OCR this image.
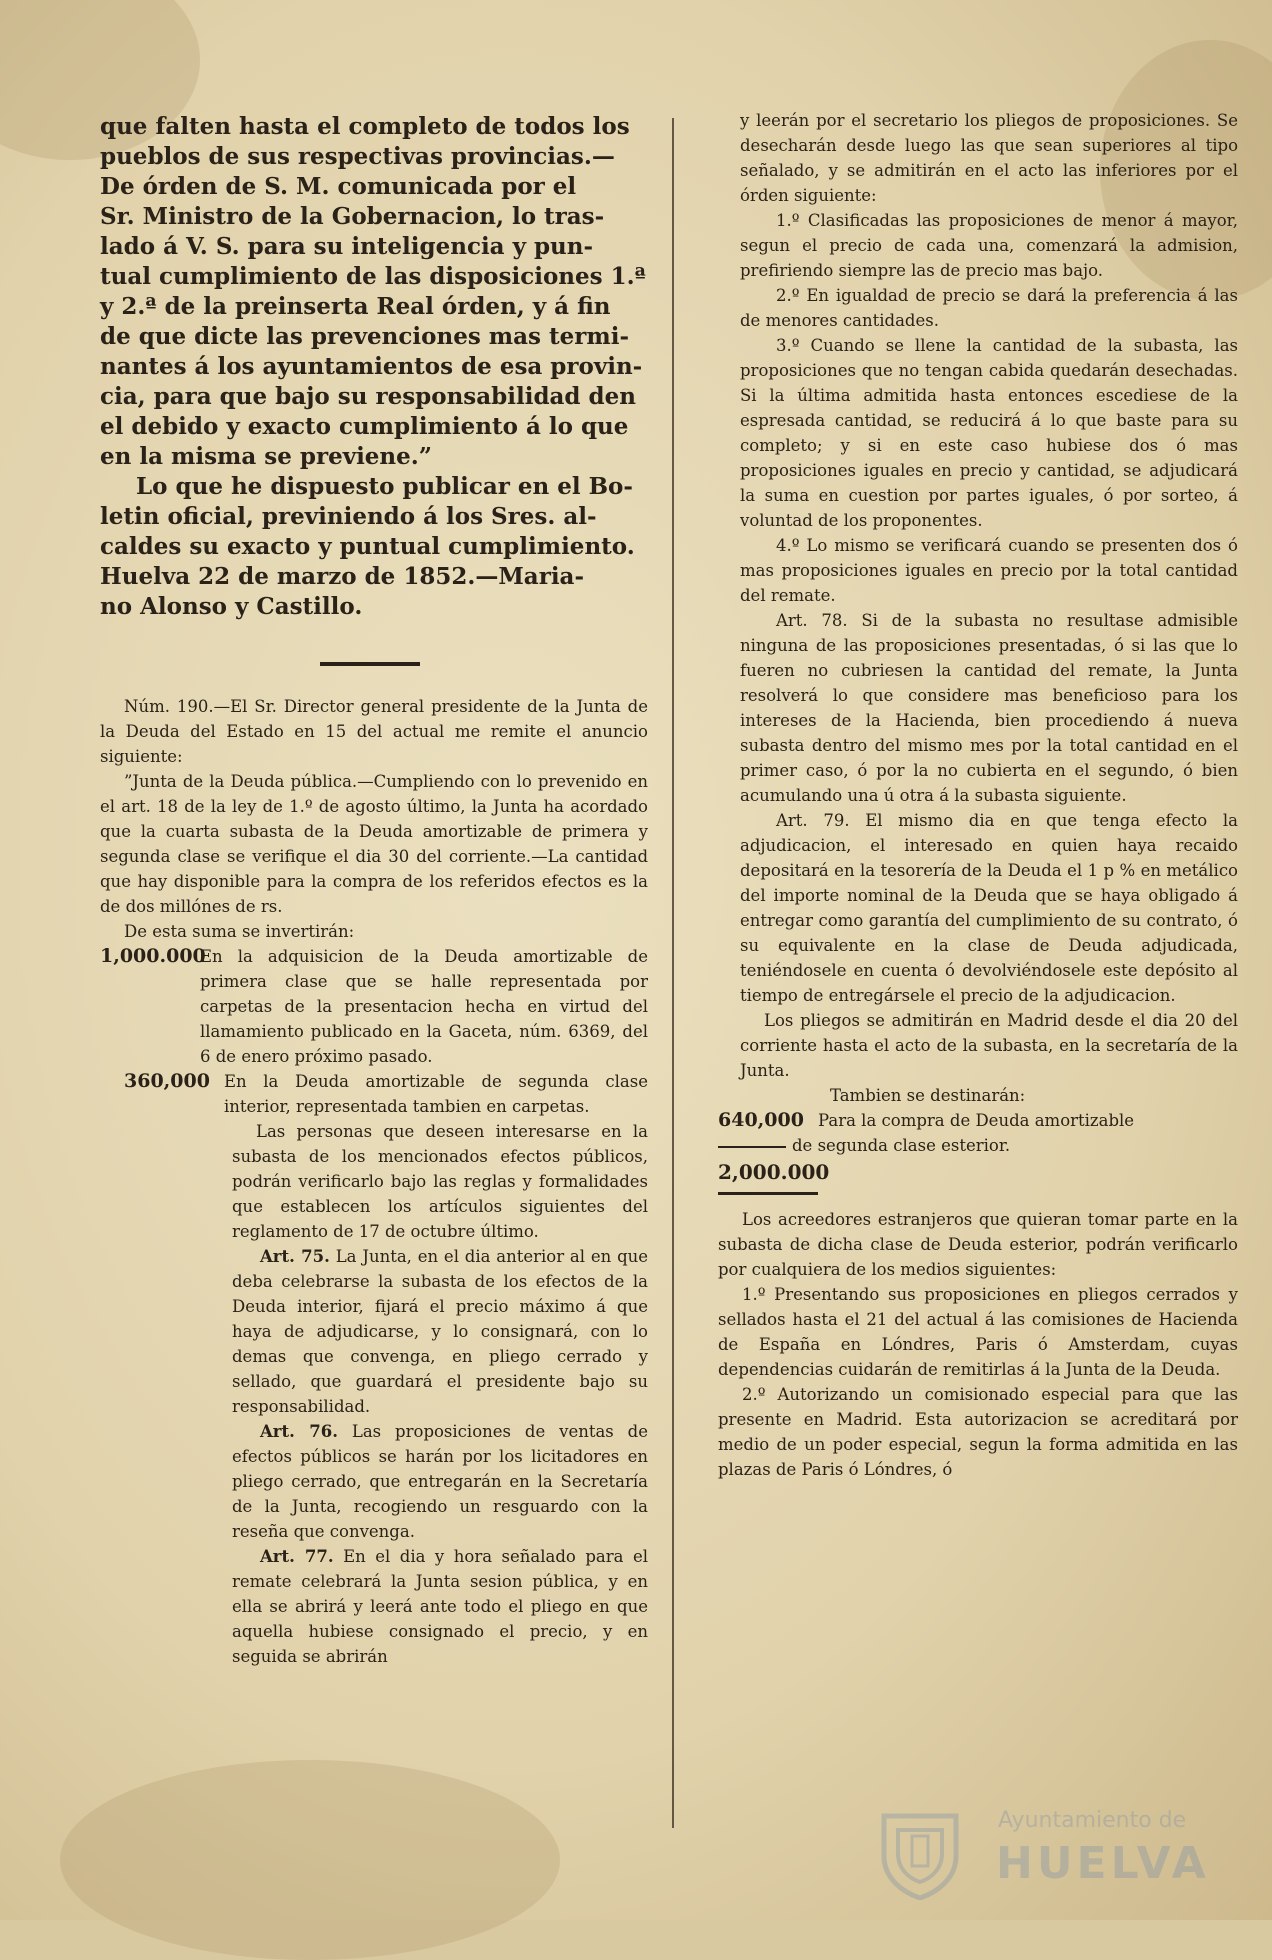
que falten hasta el completo de todos los
pueblos de sus respectivas provincias.—
De órden de S. M. comunicada por el
Sr. Ministro de la Gobernacion, lo tras-
lado á V. S. para su inteligencia y pun-
tual cumplimiento de las disposiciones 1.ª
y 2.ª de la preinserta Real órden, y á fin
de que dicte las prevenciones mas termi-
nantes á los ayuntamientos de esa provin-
cia, para que bajo su responsabilidad den
el debido y exacto cumplimiento á lo que
en la misma se previene.”
Lo que he dispuesto publicar en el Bo-
letin oficial, previniendo á los Sres. al-
caldes su exacto y puntual cumplimiento.
Huelva 22 de marzo de 1852.—Maria-
no Alonso y Castillo.

Núm. 190.—El Sr. Director general presidente de la Junta de la Deuda del Estado en 15 del actual me remite el anuncio siguiente:

”Junta de la Deuda pública.—Cumpliendo con lo prevenido en el art. 18 de la ley de 1.º de agosto último, la Junta ha acordado que la cuarta subasta de la Deuda amortizable de primera y segunda clase se verifique el dia 30 del corriente.—La cantidad que hay disponible para la compra de los referidos efectos es la de dos millónes de rs.

De esta suma se invertirán:

1,000.000
En la adquisicion de la Deuda amortizable de primera clase que se halle representada por carpetas de la presentacion hecha en virtud del llamamiento publicado en la Gaceta, núm. 6369, del 6 de enero próximo pasado.
360,000 En la Deuda amortizable de segunda clase interior, representada tambien en carpetas.
Las personas que deseen interesarse en la subasta de los mencionados efectos públicos, podrán verificarlo bajo las reglas y formalidades que establecen los artículos siguientes del reglamento de 17 de octubre último.
Art. 75. La Junta, en el dia anterior al en que deba celebrarse la subasta de los efectos de la Deuda interior, fijará el precio máximo á que haya de adjudicarse, y lo consignará, con lo demas que convenga, en pliego cerrado y sellado, que guardará el presidente bajo su responsabilidad.
Art. 76. Las proposiciones de ventas de efectos públicos se harán por los licitadores en pliego cerrado, que entregarán en la Secretaría de la Junta, recogiendo un resguardo con la reseña que convenga.
Art. 77. En el dia y hora señalado para el remate celebrará la Junta sesion pública, y en ella se abrirá y leerá ante todo el pliego en que aquella hubiese consignado el precio, y en seguida se abrirán

y leerán por el secretario los pliegos de proposiciones. Se desecharán desde luego las que sean superiores al tipo señalado, y se admitirán en el acto las inferiores por el órden siguiente:

1.º Clasificadas las proposiciones de menor á mayor, segun el precio de cada una, comenzará la admision, prefiriendo siempre las de precio mas bajo.

2.º En igualdad de precio se dará la preferencia á las de menores cantidades.

3.º Cuando se llene la cantidad de la subasta, las proposiciones que no tengan cabida quedarán desechadas. Si la última admitida hasta entonces escediese de la espresada cantidad, se reducirá á lo que baste para su completo; y si en este caso hubiese dos ó mas proposiciones iguales en precio y cantidad, se adjudicará la suma en cuestion por partes iguales, ó por sorteo, á voluntad de los proponentes.

4.º Lo mismo se verificará cuando se presenten dos ó mas proposiciones iguales en precio por la total cantidad del remate.

Art. 78. Si de la subasta no resultase admisible ninguna de las proposiciones presentadas, ó si las que lo fueren no cubriesen la cantidad del remate, la Junta resolverá lo que considere mas beneficioso para los intereses de la Hacienda, bien procediendo á nueva subasta dentro del mismo mes por la total cantidad en el primer caso, ó por la no cubierta en el segundo, ó bien acumulando una ú otra á la subasta siguiente.

Art. 79. El mismo dia en que tenga efecto la adjudicacion, el interesado en quien haya recaido depositará en la tesorería de la Deuda el 1 p % en metálico del importe nominal de la Deuda que se haya obligado á entregar como garantía del cumplimiento de su contrato, ó su equivalente en la clase de Deuda adjudicada, teniéndosele en cuenta ó devolviéndosele este depósito al tiempo de entregársele el precio de la adjudicacion.

Los pliegos se admitirán en Madrid desde el dia 20 del corriente hasta el acto de la subasta, en la secretaría de la Junta.

Tambien se destinarán:

640,000 Para la compra de Deuda amortizable
de segunda clase esterior.
2,000.000

Los acreedores estranjeros que quieran tomar parte en la subasta de dicha clase de Deuda esterior, podrán verificarlo por cualquiera de los medios siguientes:

1.º Presentando sus proposiciones en pliegos cerrados y sellados hasta el 21 del actual á las comisiones de Hacienda de España en Lóndres, Paris ó Amsterdam, cuyas dependencias cuidarán de remitirlas á la Junta de la Deuda.

2.º Autorizando un comisionado especial para que las presente en Madrid. Esta autorizacion se acreditará por medio de un poder especial, segun la forma admitida en las plazas de Paris ó Lóndres, ó

Ayuntamiento de
HUELVA
